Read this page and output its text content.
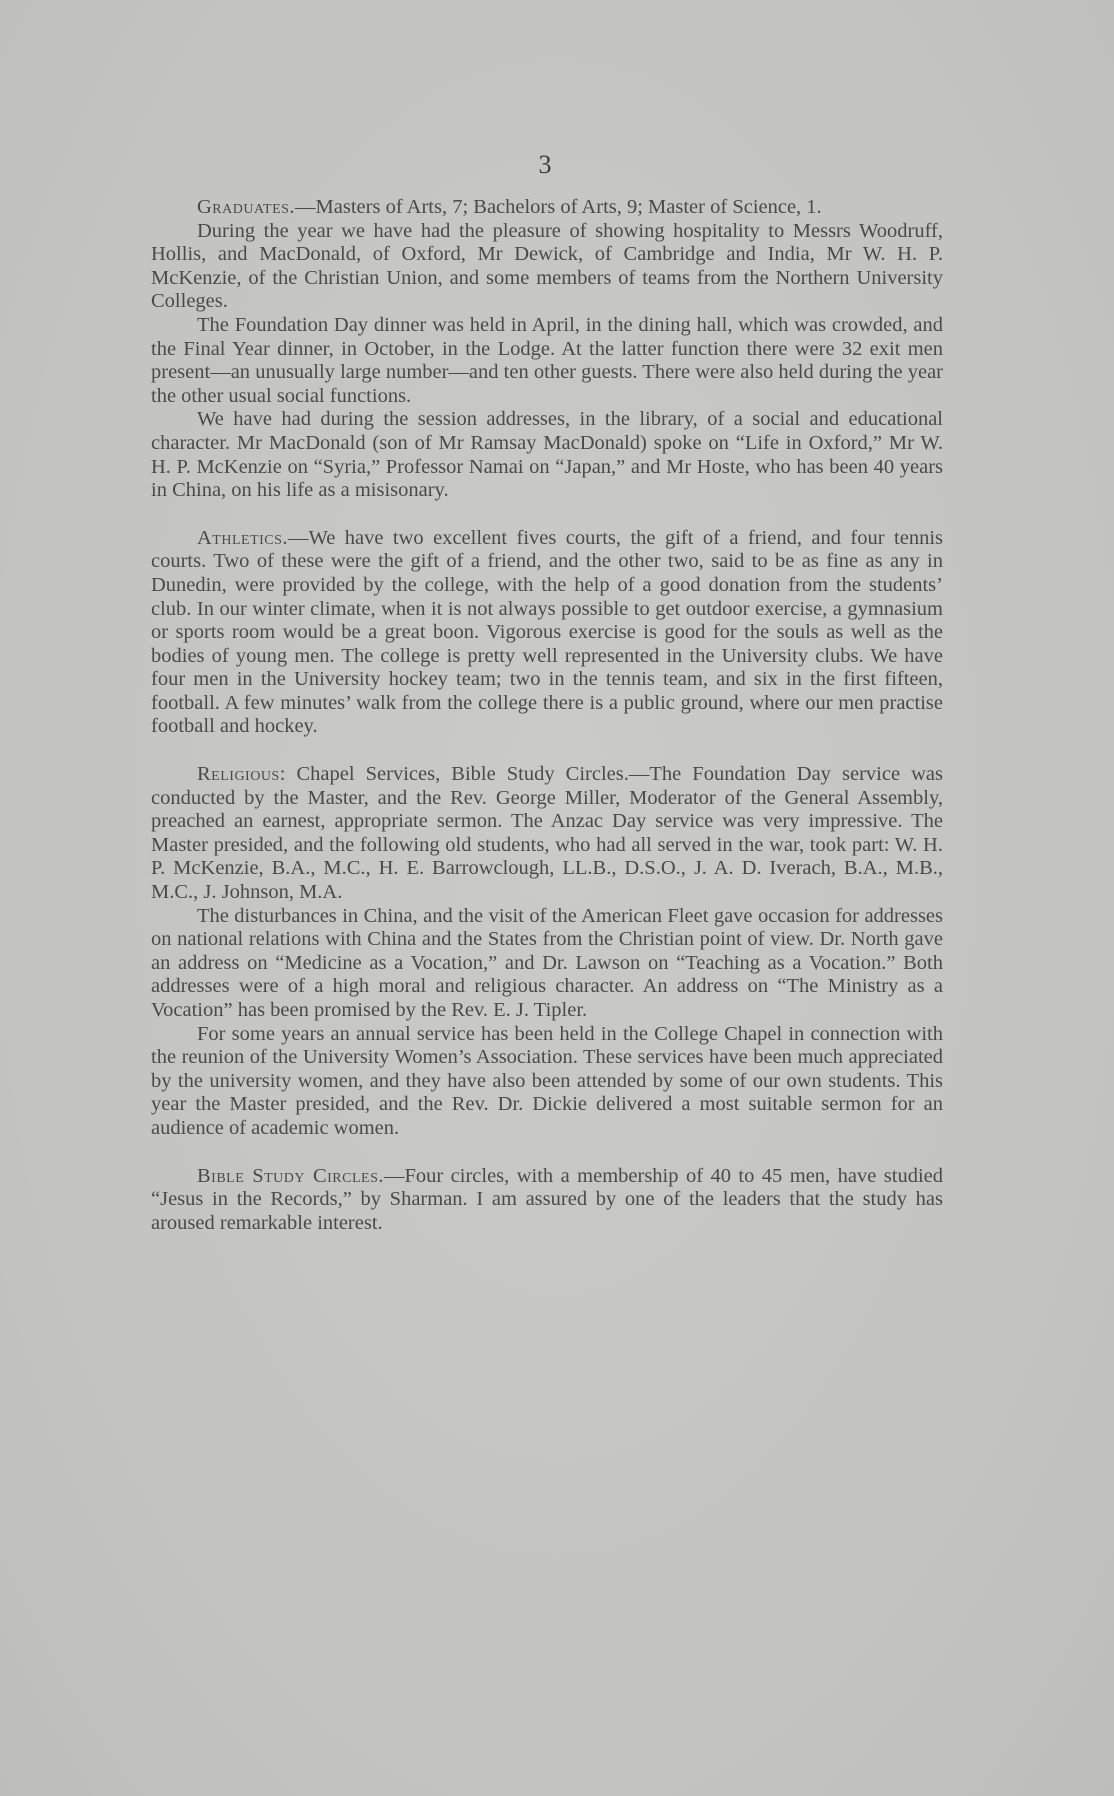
3

Graduates.—Masters of Arts, 7; Bachelors of Arts, 9; Master of Science, 1.

During the year we have had the pleasure of showing hospitality to Messrs Woodruff, Hollis, and MacDonald, of Oxford, Mr Dewick, of Cambridge and India, Mr W. H. P. McKenzie, of the Christian Union, and some members of teams from the Northern University Colleges.

The Foundation Day dinner was held in April, in the dining hall, which was crowded, and the Final Year dinner, in October, in the Lodge. At the latter function there were 32 exit men present—an unusually large number—and ten other guests. There were also held during the year the other usual social functions.

We have had during the session addresses, in the library, of a social and educational character. Mr MacDonald (son of Mr Ramsay MacDonald) spoke on “Life in Oxford,” Mr W. H. P. McKenzie on “Syria,” Professor Namai on “Japan,” and Mr Hoste, who has been 40 years in China, on his life as a misisonary.

Athletics.—We have two excellent fives courts, the gift of a friend, and four tennis courts. Two of these were the gift of a friend, and the other two, said to be as fine as any in Dunedin, were provided by the college, with the help of a good donation from the students’ club. In our winter climate, when it is not always possible to get outdoor exercise, a gymnasium or sports room would be a great boon. Vigorous exercise is good for the souls as well as the bodies of young men. The college is pretty well represented in the University clubs. We have four men in the University hockey team; two in the tennis team, and six in the first fifteen, football. A few minutes’ walk from the college there is a public ground, where our men practise football and hockey.

Religious: Chapel Services, Bible Study Circles.—The Foundation Day service was conducted by the Master, and the Rev. George Miller, Moderator of the General Assembly, preached an earnest, appropriate sermon. The Anzac Day service was very impressive. The Master presided, and the following old students, who had all served in the war, took part: W. H. P. McKenzie, B.A., M.C., H. E. Barrowclough, LL.B., D.S.O., J. A. D. Iverach, B.A., M.B., M.C., J. Johnson, M.A.

The disturbances in China, and the visit of the American Fleet gave occasion for addresses on national relations with China and the States from the Christian point of view. Dr. North gave an address on “Medicine as a Vocation,” and Dr. Lawson on “Teaching as a Vocation.” Both addresses were of a high moral and religious character. An address on “The Ministry as a Vocation” has been promised by the Rev. E. J. Tipler.

For some years an annual service has been held in the College Chapel in connection with the reunion of the University Women’s Association. These services have been much appreciated by the university women, and they have also been attended by some of our own students. This year the Master presided, and the Rev. Dr. Dickie delivered a most suitable sermon for an audience of academic women.

Bible Study Circles.—Four circles, with a membership of 40 to 45 men, have studied “Jesus in the Records,” by Sharman. I am assured by one of the leaders that the study has aroused remarkable interest.
